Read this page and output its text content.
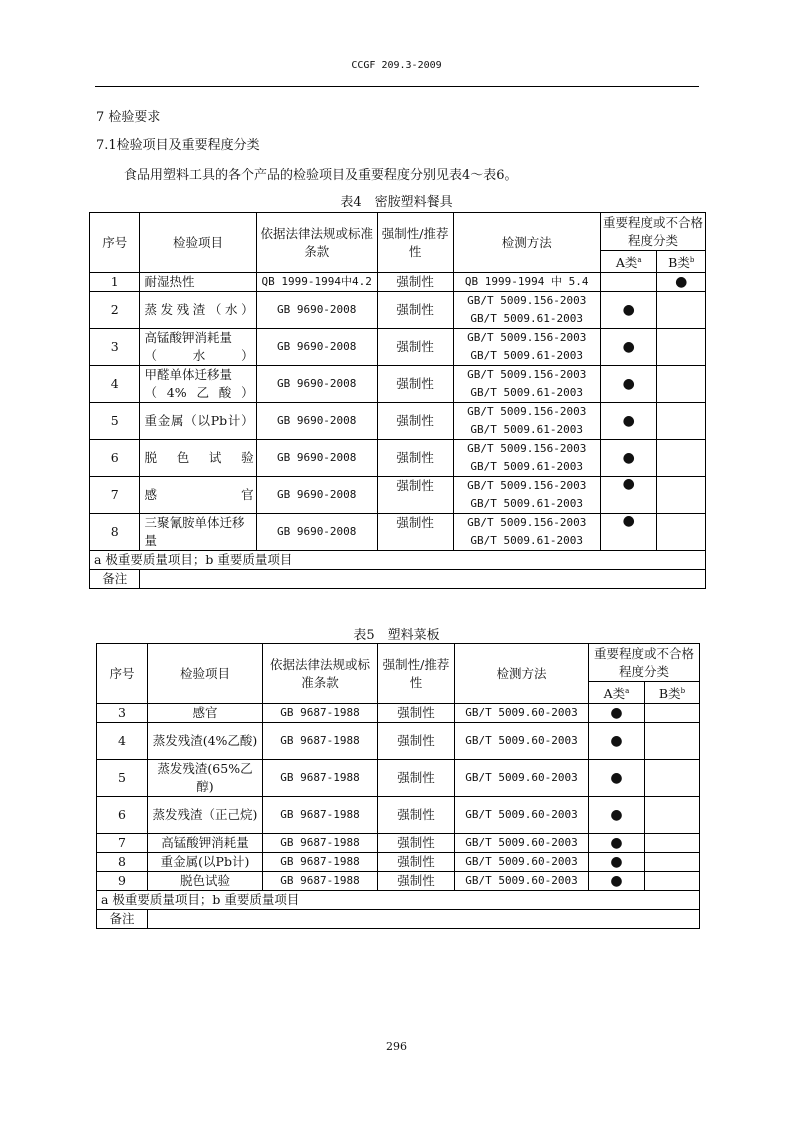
CCGF 209.3-2009
7 检验要求
7.1检验项目及重要程度分类
食品用塑料工具的各个产品的检验项目及重要程度分别见表4～表6。
表4　密胺塑料餐具
序号	检验项目	依据法律法规或标准条款	强制性/推荐性	检测方法	重要程度或不合格程度分类	
					A类$^a$	B类$^b$
1	耐湿热性	QB 1999-1994中4.2	强制性	QB 1999-1994 中 5.4		●
2	蒸发残渣（水）	GB 9690-2008	强制性	GB/T 5009.156-2003
GB/T 5009.61-2003	●	
3	高锰酸钾消耗量（水）	GB 9690-2008	强制性	GB/T 5009.156-2003
GB/T 5009.61-2003	●	
4	甲醛单体迁移量（4%乙酸）	GB 9690-2008	强制性	GB/T 5009.156-2003
GB/T 5009.61-2003	●	
5	重金属（以Pb计）	GB 9690-2008	强制性	GB/T 5009.156-2003
GB/T 5009.61-2003	●	
6	脱色试验	GB 9690-2008	强制性	GB/T 5009.156-2003
GB/T 5009.61-2003	●	
7	感官	GB 9690-2008	强制性	GB/T 5009.156-2003
GB/T 5009.61-2003	●	
8	三聚氰胺单体迁移量	GB 9690-2008	强制性	GB/T 5009.156-2003
GB/T 5009.61-2003	●	
a 极重要质量项目；b 重要质量项目						
备注						
表5　塑料菜板
序号	检验项目	依据法律法规或标准条款	强制性/推荐性	检测方法	重要程度或不合格程度分类	
					A类$^a$	B类$^b$
3	感官	GB 9687-1988	强制性	GB/T 5009.60-2003	●	
4	蒸发残渣(4%乙酸)	GB 9687-1988	强制性	GB/T 5009.60-2003	●	
5	蒸发残渣(65%乙醇)	GB 9687-1988	强制性	GB/T 5009.60-2003	●	
6	蒸发残渣（正己烷)	GB 9687-1988	强制性	GB/T 5009.60-2003	●	
7	高锰酸钾消耗量	GB 9687-1988	强制性	GB/T 5009.60-2003	●	
8	重金属(以Pb计)	GB 9687-1988	强制性	GB/T 5009.60-2003	●	
9	脱色试验	GB 9687-1988	强制性	GB/T 5009.60-2003	●	
a 极重要质量项目；b 重要质量项目						
备注						
296
